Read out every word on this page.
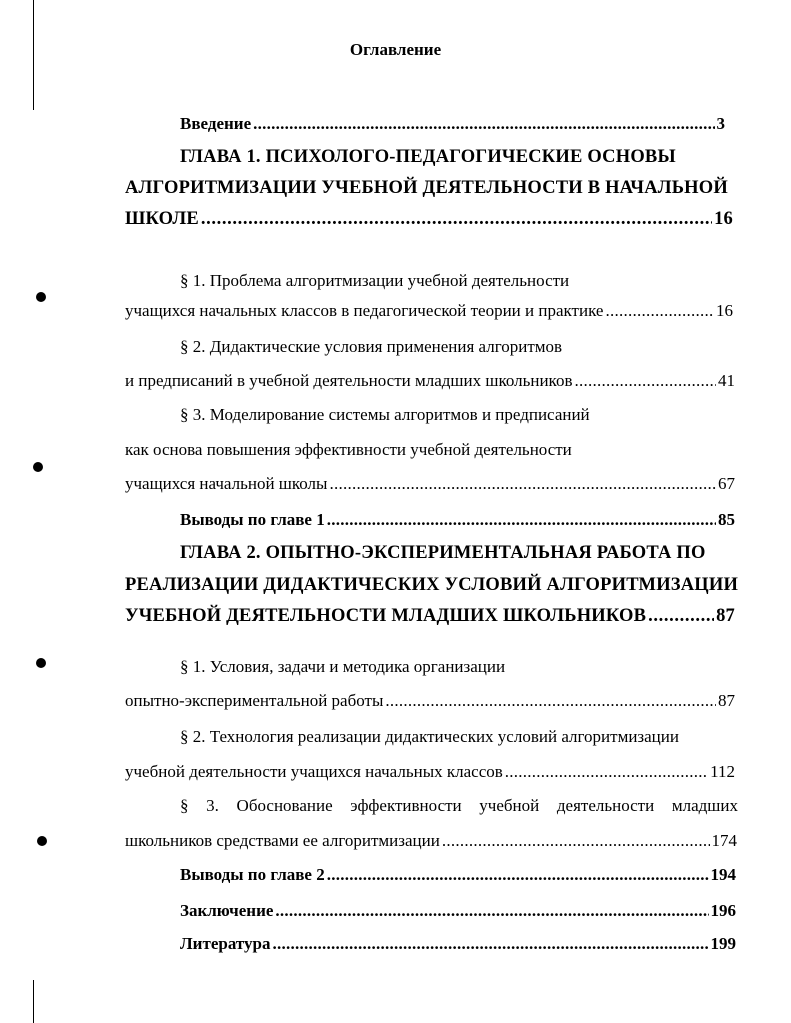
Оглавление
Введение . . .	3
ГЛАВА 1. ПСИХОЛОГО-ПЕДАГОГИЧЕСКИЕ ОСНОВЫ
АЛГОРИТМИЗАЦИИ УЧЕБНОЙ ДЕЯТЕЛЬНОСТИ В НАЧАЛЬНОЙ
ШКОЛЕ . . .	16
§ 1. Проблема алгоритмизации учебной деятельности
учащихся начальных классов в педагогической теории и практике . . .	16
§ 2. Дидактические условия применения алгоритмов
и предписаний в учебной деятельности младших школьников . . .	41
§ 3. Моделирование системы алгоритмов и предписаний
как основа повышения эффективности учебной деятельности
учащихся начальной школы . . .	67
Выводы по главе 1 . . .	85
ГЛАВА 2. ОПЫТНО-ЭКСПЕРИМЕНТАЛЬНАЯ РАБОТА ПО
РЕАЛИЗАЦИИ ДИДАКТИЧЕСКИХ УСЛОВИЙ АЛГОРИТМИЗАЦИИ
УЧЕБНОЙ ДЕЯТЕЛЬНОСТИ МЛАДШИХ ШКОЛЬНИКОВ . . .	87
§ 1. Условия, задачи и методика организации
опытно-экспериментальной работы . . .	87
§ 2. Технология реализации дидактических условий алгоритмизации
учебной деятельности учащихся начальных классов . . .	112
§ 3. Обоснование эффективности учебной деятельности младших
школьников средствами ее алгоритмизации . . .	174
Выводы по главе 2 . . .	194
Заключение . . .	196
Литература . . .	199
